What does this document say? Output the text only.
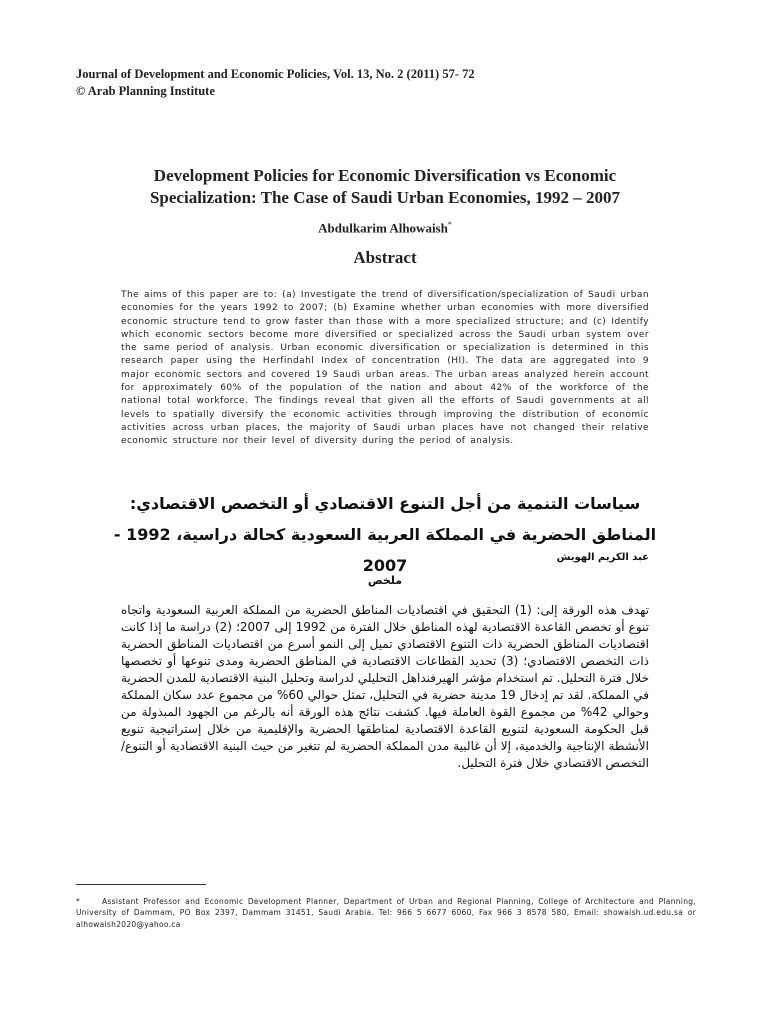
Journal of Development and Economic Policies, Vol. 13, No. 2 (2011) 57- 72
© Arab Planning Institute
Development Policies for Economic Diversification vs Economic Specialization: The Case of Saudi Urban Economies, 1992 – 2007
Abdulkarim Alhowaish*
Abstract
The aims of this paper are to: (a) Investigate the trend of diversification/specialization of Saudi urban economies for the years 1992 to 2007; (b) Examine whether urban economies with more diversified economic structure tend to grow faster than those with a more specialized structure; and (c) Identify which economic sectors become more diversified or specialized across the Saudi urban system over the same period of analysis. Urban economic diversification or specialization is determined in this research paper using the Herfindahl Index of concentration (HI). The data are aggregated into 9 major economic sectors and covered 19 Saudi urban areas. The urban areas analyzed herein account for approximately 60% of the population of the nation and about 42% of the workforce of the national total workforce. The findings reveal that given all the efforts of Saudi governments at all levels to spatially diversify the economic activities through improving the distribution of economic activities across urban places, the majority of Saudi urban places have not changed their relative economic structure nor their level of diversity during the period of analysis.
سياسات التنمية من أجل التنوع الاقتصادي أو التخصص الاقتصادي:
المناطق الحضرية في المملكة العربية السعودية كحالة دراسية، 1992 - 2007	عبد الكريم الهويش
ملخص
تهدف هذه الورقة إلى: (1) التحقيق في اقتصاديات المناطق الحضرية من المملكة العربية السعودية واتجاه تنوع أو تخصص القاعدة الاقتصادية لهذه المناطق خلال الفترة من 1992 إلى 2007؛ (2) دراسة ما إذا كانت اقتصاديات المناطق الحضرية ذات التنوع الاقتصادي تميل إلى النمو أسرع من اقتصاديات المناطق الحضرية ذات التخصص الاقتصادي؛ (3) تحديد القطاعات الاقتصادية في المناطق الحضرية ومدى تنوعها أو تخصصها خلال فترة التحليل. تم استخدام مؤشر الهيرفنداهل التحليلي لدراسة وتحليل البنية الاقتصادية للمدن الحضرية في المملكة. لقد تم إدخال 19 مدينة حضرية في التحليل، تمثل حوالي 60% من مجموع عدد سكان المملكة وحوالي 42% من مجموع القوة العاملة فيها. كشفت نتائج هذه الورقة أنه بالرغم من الجهود المبذولة من قبل الحكومة السعودية لتنويع القاعدة الاقتصادية لمناطقها الحضرية والإقليمية من خلال إستراتيجية تنويع الأنشطة الإنتاجية والخدمية، إلا أن غالبية مدن المملكة الحضرية لم تتغير من حيث البنية الاقتصادية أو التنوع/التخصص الاقتصادي خلال فترة التحليل.
*	Assistant Professor and Economic Development Planner, Department of Urban and Regional Planning, College of Architecture and Planning, University of Dammam, PO Box 2397, Dammam 31451, Saudi Arabia. Tel: 966 5 6677 6060, Fax 966 3 8578 580, Email: showaish.ud.edu.sa or alhowaish2020@yahoo.ca
